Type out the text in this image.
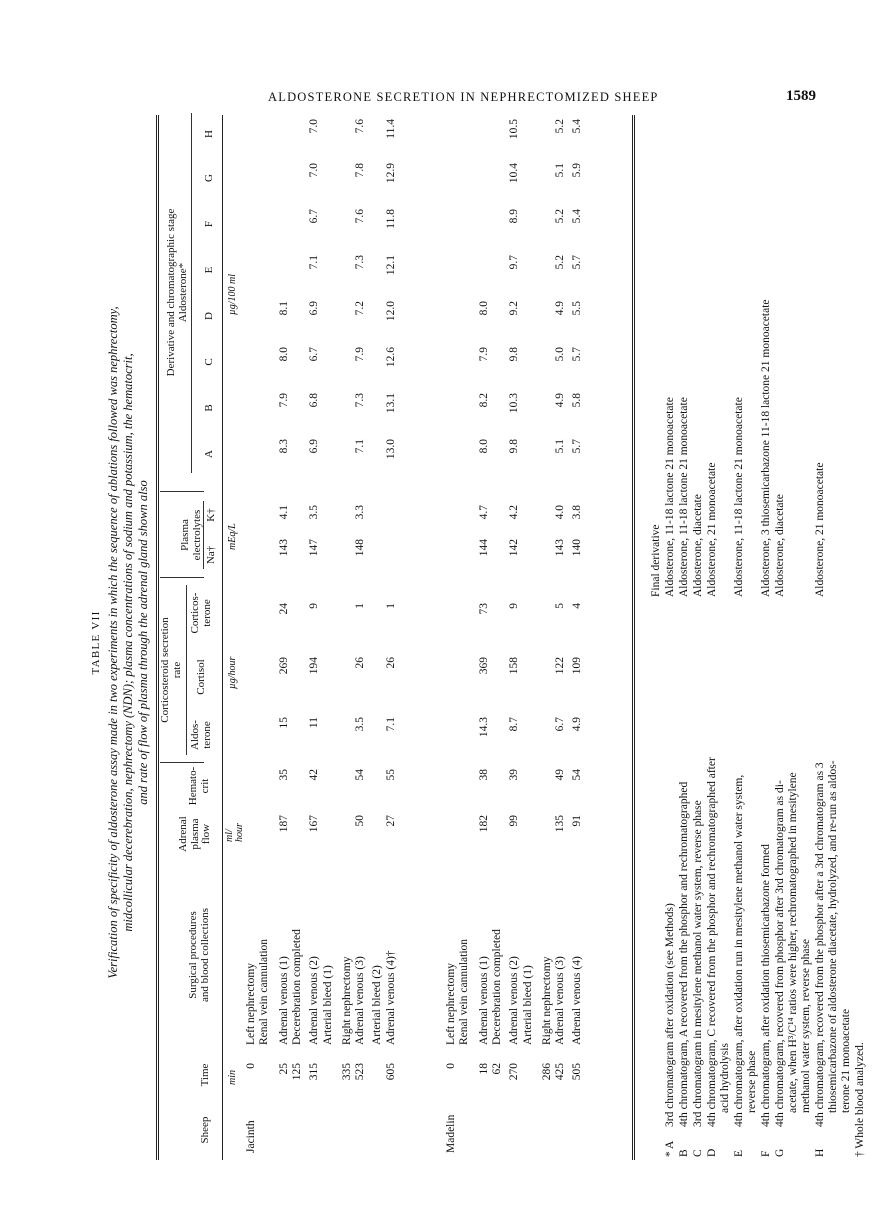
ALDOSTERONE SECRETION IN NEPHRECTOMIZED SHEEP	1589
TABLE VII Verification of specificity of aldosterone assay made in two experiments in which the sequence of ablations followed was nephrectomy, midcollicular decerebration, nephrectomy (NDN); plasma concentrations of sodium and potassium, the hematocrit, and rate of flow of plasma through the adrenal gland shown also
Sheep
Time
Surgical procedures and blood collections
Adrenal plasma flow
Hemato- crit
Corticosteroid secretion rate
Aldos- terone
Cortisol
Corticos- terone
Plasma electrolytes Na†
K†
Derivative and chromatographic stage Aldosterone*
A
B
C
D
E
F
G
H
min
ml/ hour
µg/hour
mEq/L
µg/100 ml
Jacinth
0
Left nephrectomy Renal vein cannulation
25
Adrenal venous (1)
187
35
15
269
24
143
4.1
8.3
7.9
8.0
8.1
125
Decerebration completed
315
Adrenal venous (2)
167
42
11
194
9
147
3.5
6.9
6.8
6.7
6.9
7.1
6.7
7.0
7.0
Arterial bleed (1)
335
Right nephrectomy
523
Adrenal venous (3)
50
54
3.5
26
1
148
3.3
7.1
7.3
7.9
7.2
7.3
7.6
7.8
7.6
Arterial bleed (2)
605
Adrenal venous (4)†
27
55
7.1
26
1
13.0
13.1
12.6
12.0
12.1
11.8
12.9
11.4
Madelin
0
Left nephrectomy Renal vein cannulation
18
Adrenal venous (1)
182
38
14.3
369
73
144
4.7
8.0
8.2
7.9
8.0
62
Decerebration completed
270
Adrenal venous (2)
99
39
8.7
158
9
142
4.2
9.8
10.3
9.8
9.2
9.7
8.9
10.4
10.5
Arterial bleed (1)
286
Right nephrectomy
425
Adrenal venous (3)
135
49
6.7
122
5
143
4.0
5.1
4.9
5.0
4.9
5.2
5.2
5.1
5.2
505
Adrenal venous (4)
91
54
4.9
109
4
140
3.8
5.7
5.8
5.7
5.5
5.7
5.4
5.9
5.4
Final derivative
* A
3rd chromatogram after oxidation (see Methods)
Aldosterone, 11-18 lactone 21 monoacetate
B
4th chromatogram, A recovered from the phosphor and rechromatographed
Aldosterone, 11-18 lactone 21 monoacetate
C
3rd chromatogram in mesitylene methanol water system, reverse phase
Aldosterone, diacetate
D
4th chromatogram, C recovered from the phosphor and rechromatographed after acid hydrolysis
Aldosterone, 21 monoacetate
E
4th chromatogram, after oxidation run in mesitylene methanol water system, reverse phase
Aldosterone, 11-18 lactone 21 monoacetate
F
4th chromatogram, after oxidation thiosemicarbazone formed
Aldosterone, 3 thiosemicarbazone 11-18 lactone 21 monoacetate
G
4th chromatogram, recovered from phosphor after 3rd chromatogram as di- acetate, when H³/C¹⁴ ratios were higher, rechromatographed in mesitylene methanol water system, reverse phase
Aldosterone, diacetate
H
4th chromatogram, recovered from the phosphor after a 3rd chromatogram as 3 thiosemicarbazone of aldosterone diacetate, hydrolyzed, and re-run as aldos- terone 21 monoacetate
Aldosterone, 21 monoacetate
† Whole blood analyzed.
